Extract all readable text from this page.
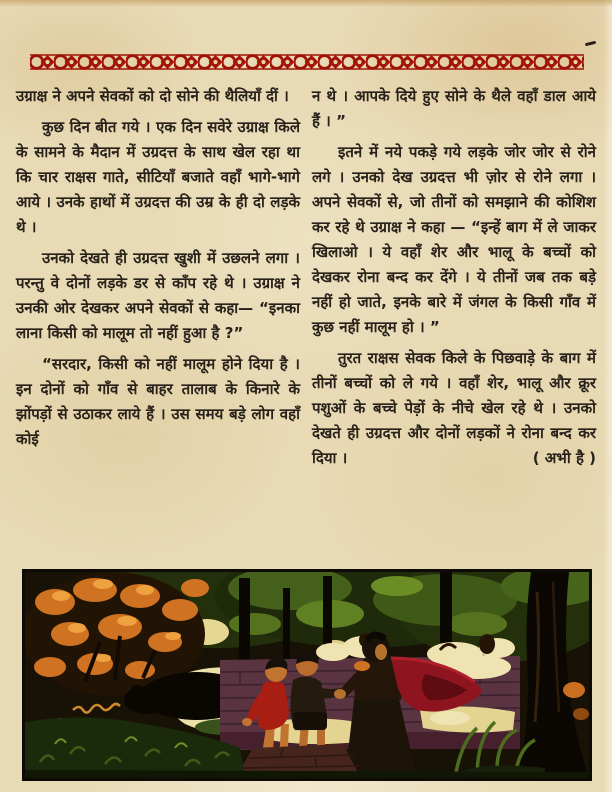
उग्राक्ष ने अपने सेवकों को दो सोने की थैलियाँ दीं ।

कुछ दिन बीत गये । एक दिन सवेरे उग्राक्ष किले के सामने के मैदान में उग्रदत्त के साथ खेल रहा था कि चार राक्षस गाते, सीटियाँ बजाते वहाँ भागे-भागे आये । उनके हाथों में उग्रदत्त की उम्र के ही दो लड़के थे ।

उनको देखते ही उग्रदत्त खुशी में उछलने लगा । परन्तु वे दोनों लड़के डर से काँप रहे थे । उग्राक्ष ने उनकी ओर देखकर अपने सेवकों से कहा— “इनका लाना किसी को मालूम तो नहीं हुआ है ?”

“सरदार, किसी को नहीं मालूम होने दिया है । इन दोनों को गाँव से बाहर तालाब के किनारे के झोंपड़ों से उठाकर लाये हैं । उस समय बड़े लोग वहाँ कोई

न थे । आपके दिये हुए सोने के थैले वहाँ डाल आये हैं । ”

इतने में नये पकड़े गये लड़के जोर जोर से रोने लगे । उनको देख उग्रदत्त भी ज़ोर से रोने लगा । अपने सेवकों से, जो तीनों को समझाने की कोशिश कर रहे थे उग्राक्ष ने कहा — “इन्हें बाग में ले जाकर खिलाओ । ये वहाँ शेर और भालू के बच्चों को देखकर रोना बन्द कर देंगे । ये तीनों जब तक बड़े नहीं हो जाते, इनके बारे में जंगल के किसी गाँव में कुछ नहीं मालूम हो । ”

तुरत राक्षस सेवक किले के पिछवाड़े के बाग में तीनों बच्चों को ले गये । वहाँ शेर, भालू और क्रूर पशुओं के बच्चे पेड़ों के नीचे खेल रहे थे । उनको देखते ही उग्रदत्त और दोनों लड़कों ने रोना बन्द कर दिया ।	( अभी है )
